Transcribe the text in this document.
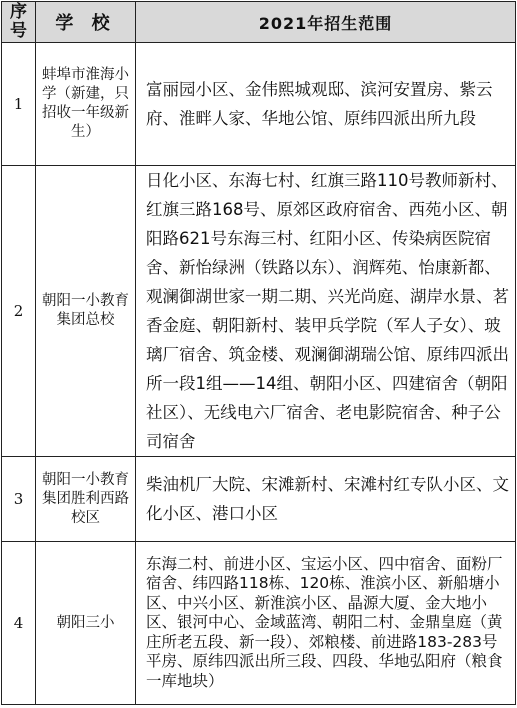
序号	学 校	2021年招生范围
1	蚌埠市淮海小学（新建，只招收一年级新生）	富丽园小区、金伟熙城观邸、滨河安置房、紫云府、淮畔人家、华地公馆、原纬四派出所九段
2	朝阳一小教育集团总校	日化小区、东海七村、红旗三路110号教师新村、红旗三路168号、原郊区政府宿舍、西苑小区、朝阳路621号东海三村、红阳小区、传染病医院宿舍、新怡绿洲（铁路以东）、润辉苑、怡康新都、观澜御湖世家一期二期、兴光尚庭、湖岸水景、茗香金庭、朝阳新村、装甲兵学院（军人子女）、玻璃厂宿舍、筑金楼、观澜御湖瑞公馆、原纬四派出所一段1组——14组、朝阳小区、四建宿舍（朝阳社区）、无线电六厂宿舍、老电影院宿舍、种子公司宿舍
3	朝阳一小教育集团胜利西路校区	柴油机厂大院、宋滩新村、宋滩村红专队小区、文化小区、港口小区
4	朝阳三小	东海二村、前进小区、宝运小区、四中宿舍、面粉厂宿舍、纬四路118栋、120栋、淮滨小区、新船塘小区、中兴小区、新淮滨小区、晶源大厦、金大地小区、银河中心、金域蓝湾、朝阳二村、金鼎皇庭（黄庄所老五段、新一段）、郊粮楼、前进路183-283号平房、原纬四派出所三段、四段、华地弘阳府（粮食一库地块）
